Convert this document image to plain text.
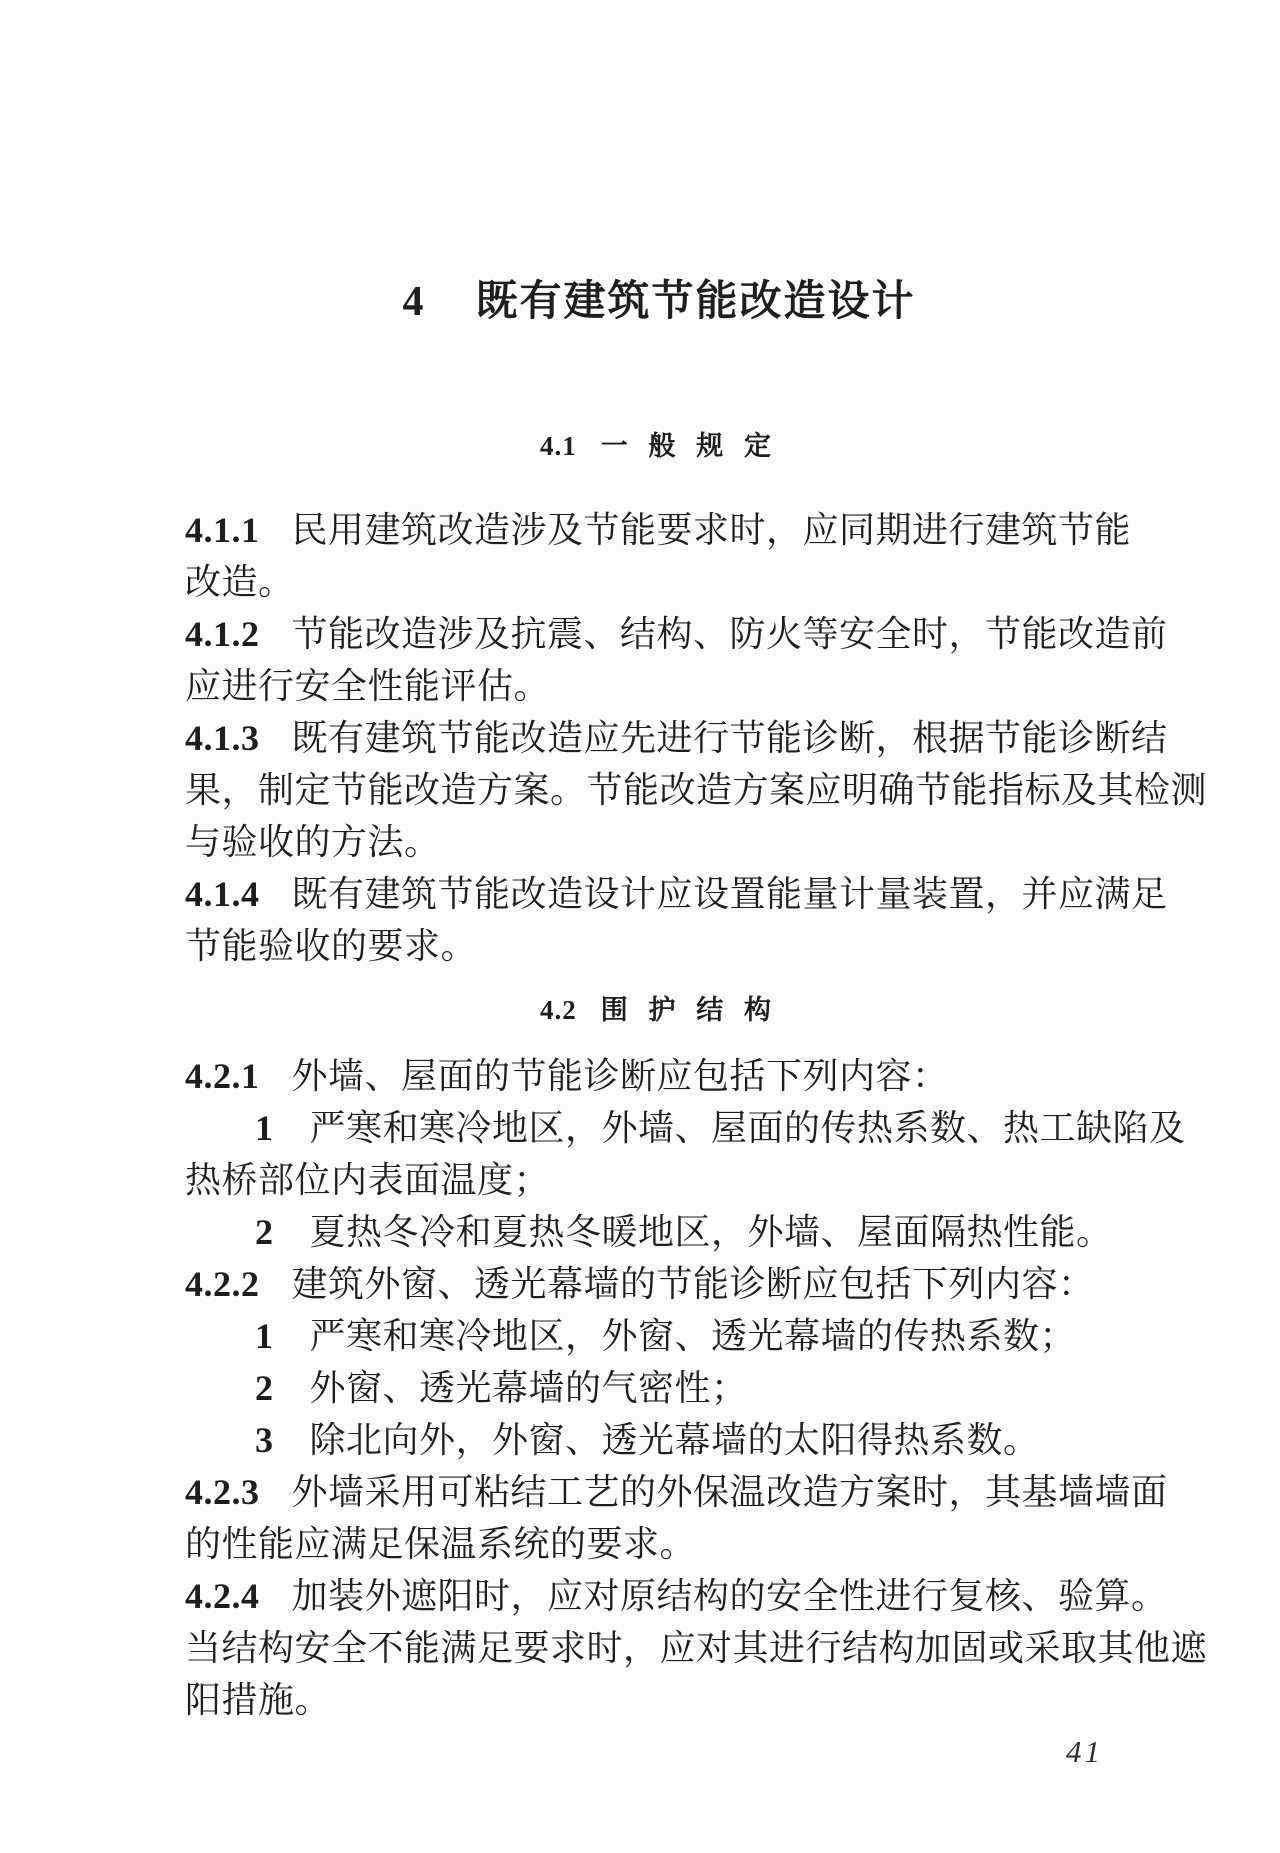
4 既有建筑节能改造设计
4.1 一 般 规 定
4.1.1 民用建筑改造涉及节能要求时，应同期进行建筑节能
改造。
4.1.2 节能改造涉及抗震、结构、防火等安全时，节能改造前
应进行安全性能评估。
4.1.3 既有建筑节能改造应先进行节能诊断，根据节能诊断结
果，制定节能改造方案。节能改造方案应明确节能指标及其检测
与验收的方法。
4.1.4 既有建筑节能改造设计应设置能量计量装置，并应满足
节能验收的要求。
4.2 围 护 结 构
4.2.1 外墙、屋面的节能诊断应包括下列内容：
1 严寒和寒冷地区，外墙、屋面的传热系数、热工缺陷及
热桥部位内表面温度；
2 夏热冬冷和夏热冬暖地区，外墙、屋面隔热性能。
4.2.2 建筑外窗、透光幕墙的节能诊断应包括下列内容：
1 严寒和寒冷地区，外窗、透光幕墙的传热系数；
2 外窗、透光幕墙的气密性；
3 除北向外，外窗、透光幕墙的太阳得热系数。
4.2.3 外墙采用可粘结工艺的外保温改造方案时，其基墙墙面
的性能应满足保温系统的要求。
4.2.4 加装外遮阳时，应对原结构的安全性进行复核、验算。
当结构安全不能满足要求时，应对其进行结构加固或采取其他遮
阳措施。
41
